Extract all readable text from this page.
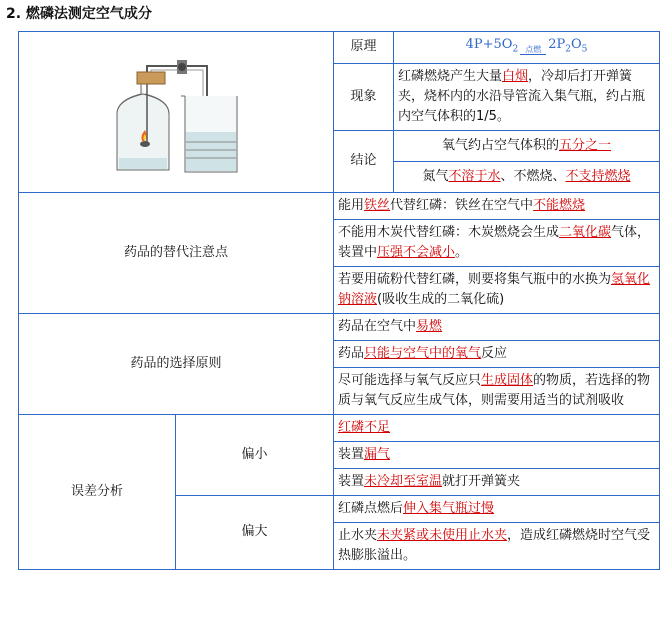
2. 燃磷法测定空气成分
	原理	$4P+5O_2$ 点燃 $2P_2O_5$

		现象	红磷燃烧产生大量白烟，冷却后打开弹簧夹，烧杯内的水沿导管流入集气瓶，约占瓶内空气体积的1/5。
		结论	氧气约占空气体积的五分之一
氮气不溶于水、不燃烧、不支持燃烧

药品的替代注意点		能用铁丝代替红磷：铁丝在空气中不能燃烧	
		不能用木炭代替红磷：木炭燃烧会生成二氧化碳气体，装置中压强不会减小。	
		若要用硫粉代替红磷，则要将集气瓶中的水换为氢氧化钠溶液(吸收生成的二氧化硫)	
药品的选择原则		药品在空气中易燃	
		药品只能与空气中的氧气反应	
		尽可能选择与氧气反应只生成固体的物质，若选择的物质与氧气反应生成气体，则需要用适当的试剂吸收	
误差分析	偏小	红磷不足	
		装置漏气	
		装置未冷却至室温就打开弹簧夹	
	偏大	红磷点燃后伸入集气瓶过慢	
		止水夹未夹紧或未使用止水夹，造成红磷燃烧时空气受热膨胀溢出。	
